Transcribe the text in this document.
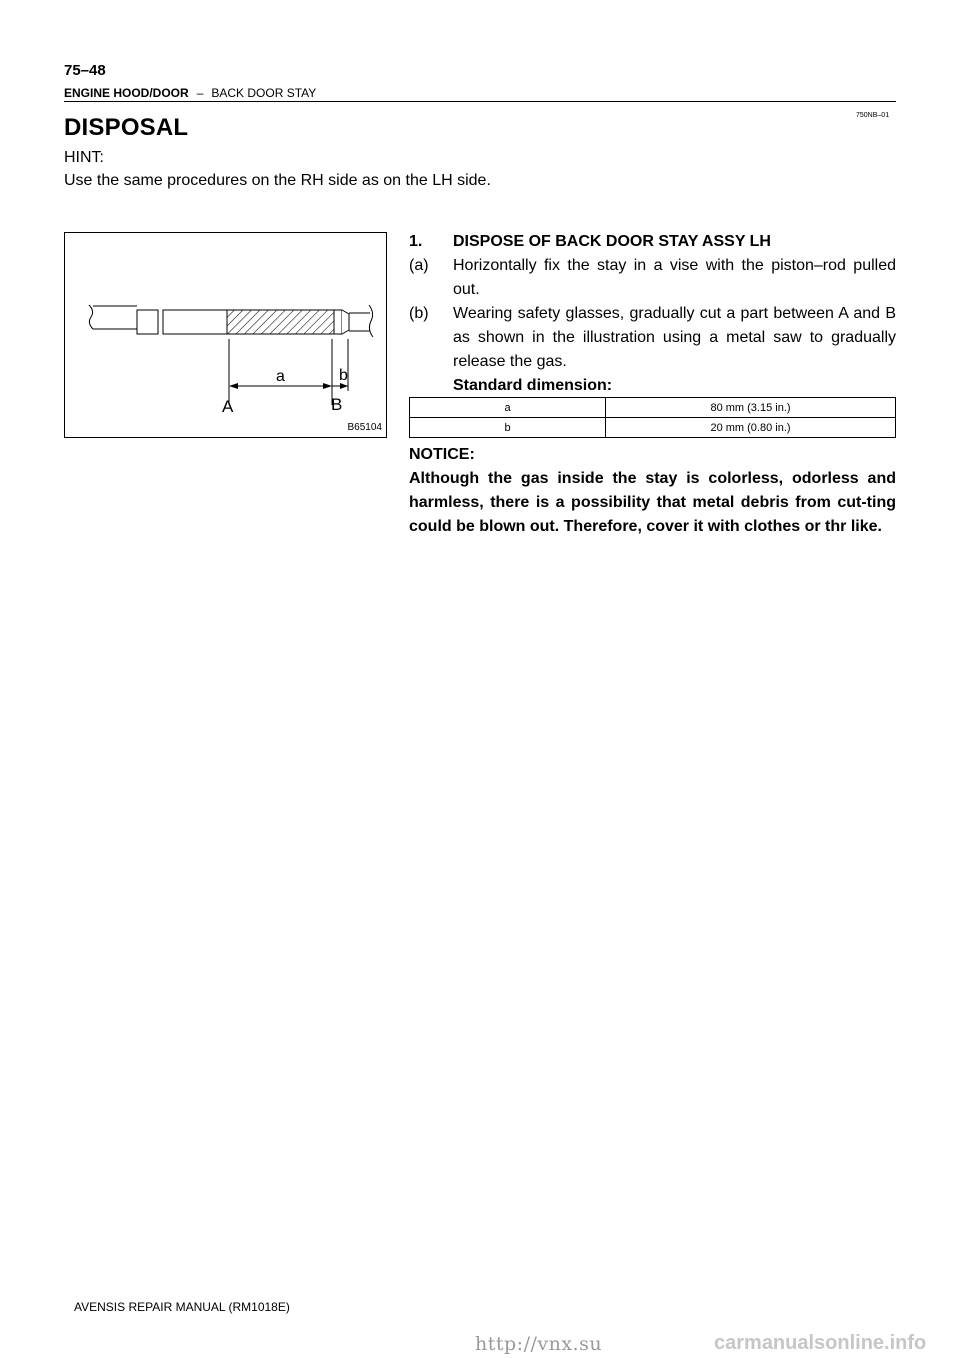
75–48
ENGINE HOOD/DOOR – BACK DOOR STAY
750NB–01
DISPOSAL
HINT:
Use the same procedures on the RH side as on the LH side.
a	b
A	B
B65104
1. DISPOSE OF BACK DOOR STAY ASSY LH
(a) Horizontally fix the stay in a vise with the piston–rod pulled out.
(b) Wearing safety glasses, gradually cut a part between A and B as shown in the illustration using a metal saw to gradually release the gas.
Standard dimension:
a	80 mm (3.15 in.)
b	20 mm (0.80 in.)
NOTICE:
Although the gas inside the stay is colorless, odorless and harmless, there is a possibility that metal debris from cut-ting could be blown out. Therefore, cover it with clothes or thr like.
AVENSIS REPAIR MANUAL (RM1018E)
http://vnx.su	carmanualsonline.info
